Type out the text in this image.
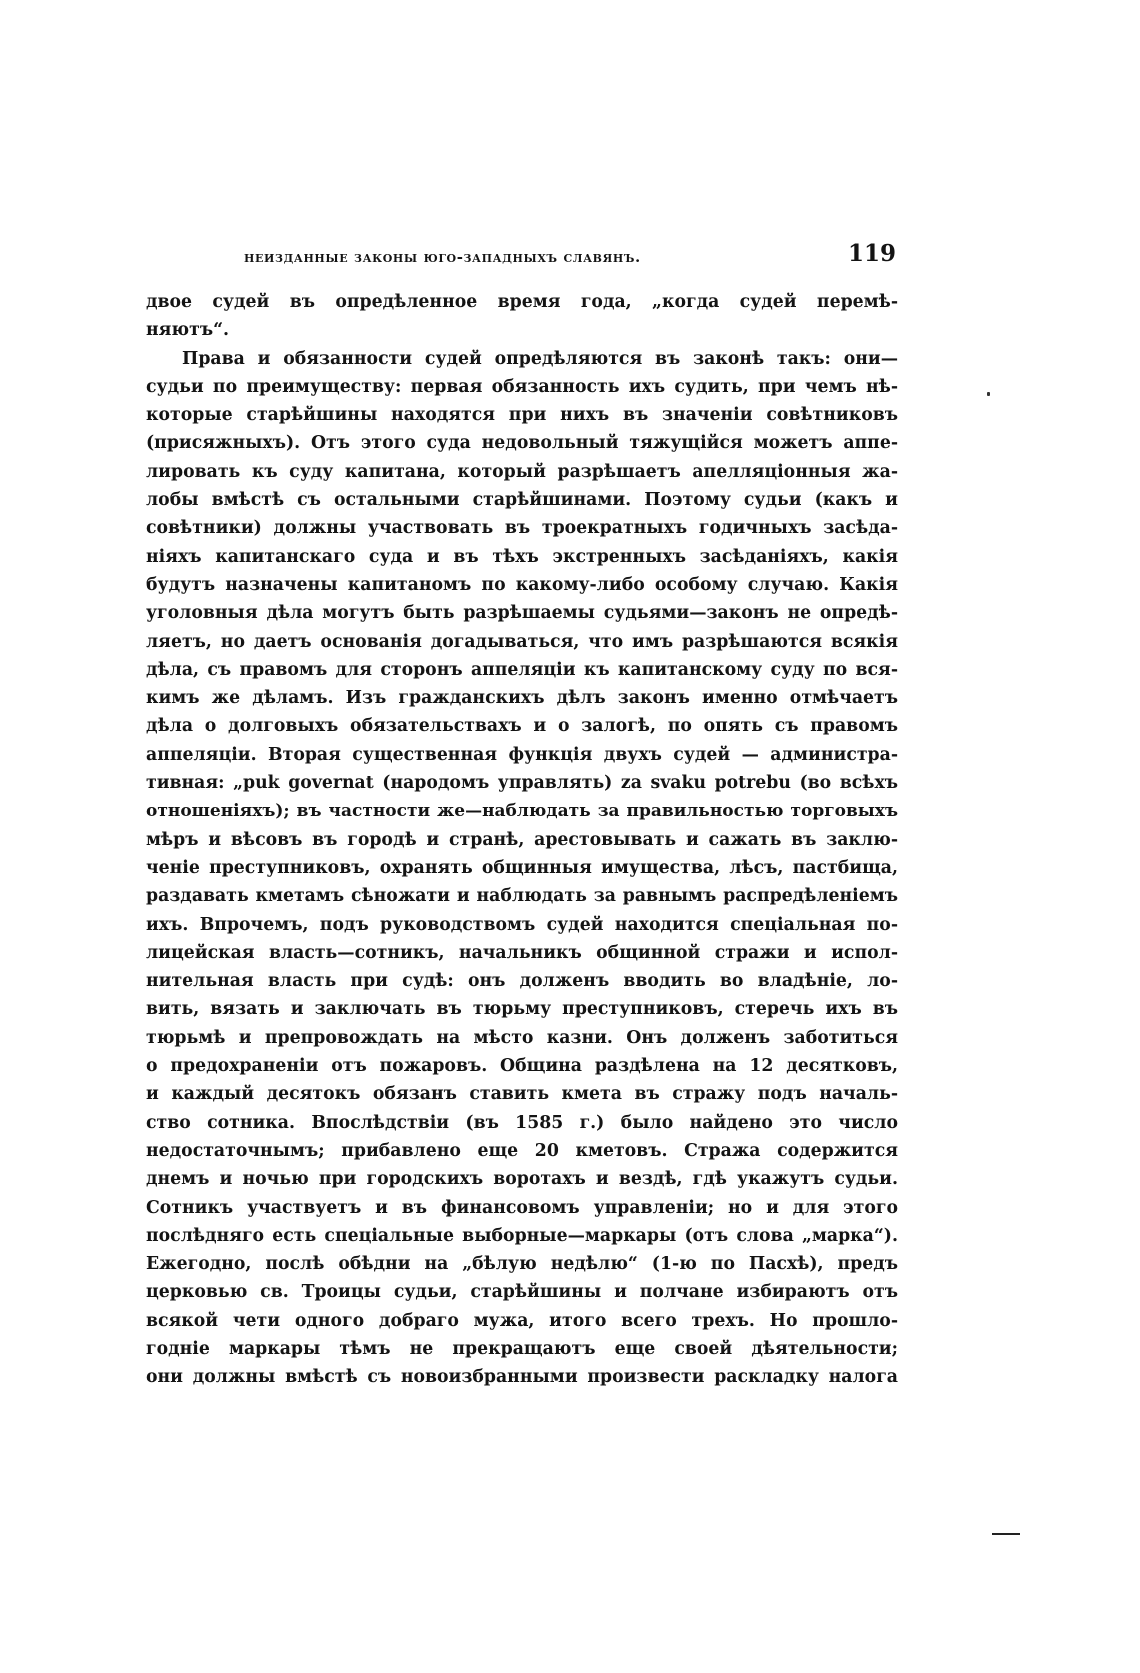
неизданные законы юго-западныхъ славянъ.	119
двое судей въ опредѣленное время года, „когда судей перемѣ-
няютъ“.
Права и обязанности судей опредѣляются въ законѣ такъ: они—
судьи по преимуществу: первая обязанность ихъ судить, при чемъ нѣ-
которые старѣйшины находятся при нихъ въ значеніи совѣтниковъ
(присяжныхъ). Отъ этого суда недовольный тяжущійся можетъ аппе-
лировать къ суду капитана, который разрѣшаетъ апелляціонныя жа-
лобы вмѣстѣ съ остальными старѣйшинами. Поэтому судьи (какъ и
совѣтники) должны участвовать въ троекратныхъ годичныхъ засѣда-
ніяхъ капитанскаго суда и въ тѣхъ экстренныхъ засѣданіяхъ, какія
будутъ назначены капитаномъ по какому-либо особому случаю. Какія
уголовныя дѣла могутъ быть разрѣшаемы судьями—законъ не опредѣ-
ляетъ, но даетъ основанія догадываться, что имъ разрѣшаются всякія
дѣла, съ правомъ для сторонъ аппеляціи къ капитанскому суду по вся-
кимъ же дѣламъ. Изъ гражданскихъ дѣлъ законъ именно отмѣчаетъ
дѣла о долговыхъ обязательствахъ и о залогѣ, по опять съ правомъ
аппеляціи. Вторая существенная функція двухъ судей — администра-
тивная: „puk governat (народомъ управлять) za svaku potrebu (во всѣхъ
отношеніяхъ); въ частности же—наблюдать за правильностью торговыхъ
мѣръ и вѣсовъ въ городѣ и странѣ, арестовывать и сажать въ заклю-
ченіе преступниковъ, охранять общинныя имущества, лѣсъ, пастбища,
раздавать кметамъ сѣножати и наблюдать за равнымъ распредѣленіемъ
ихъ. Впрочемъ, подъ руководствомъ судей находится спеціальная по-
лицейская власть—сотникъ, начальникъ общинной стражи и испол-
нительная власть при судѣ: онъ долженъ вводить во владѣніе, ло-
вить, вязать и заключать въ тюрьму преступниковъ, стеречь ихъ въ
тюрьмѣ и препровождать на мѣсто казни. Онъ долженъ заботиться
о предохраненіи отъ пожаровъ. Община раздѣлена на 12 десятковъ,
и каждый десятокъ обязанъ ставить кмета въ стражу подъ началь-
ство сотника. Впослѣдствіи (въ 1585 г.) было найдено это число
недостаточнымъ; прибавлено еще 20 кметовъ. Стража содержится
днемъ и ночью при городскихъ воротахъ и вездѣ, гдѣ укажутъ судьи.
Сотникъ участвуетъ и въ финансовомъ управленіи; но и для этого
послѣдняго есть спеціальные выборные—маркары (отъ слова „марка“).
Ежегодно, послѣ обѣдни на „бѣлую недѣлю“ (1-ю по Пасхѣ), предъ
церковью св. Троицы судьи, старѣйшины и полчане избираютъ отъ
всякой чети одного добраго мужа, итого всего трехъ. Но прошло-
годніе маркары тѣмъ не прекращаютъ еще своей дѣятельности;
они должны вмѣстѣ съ новоизбранными произвести раскладку налога
